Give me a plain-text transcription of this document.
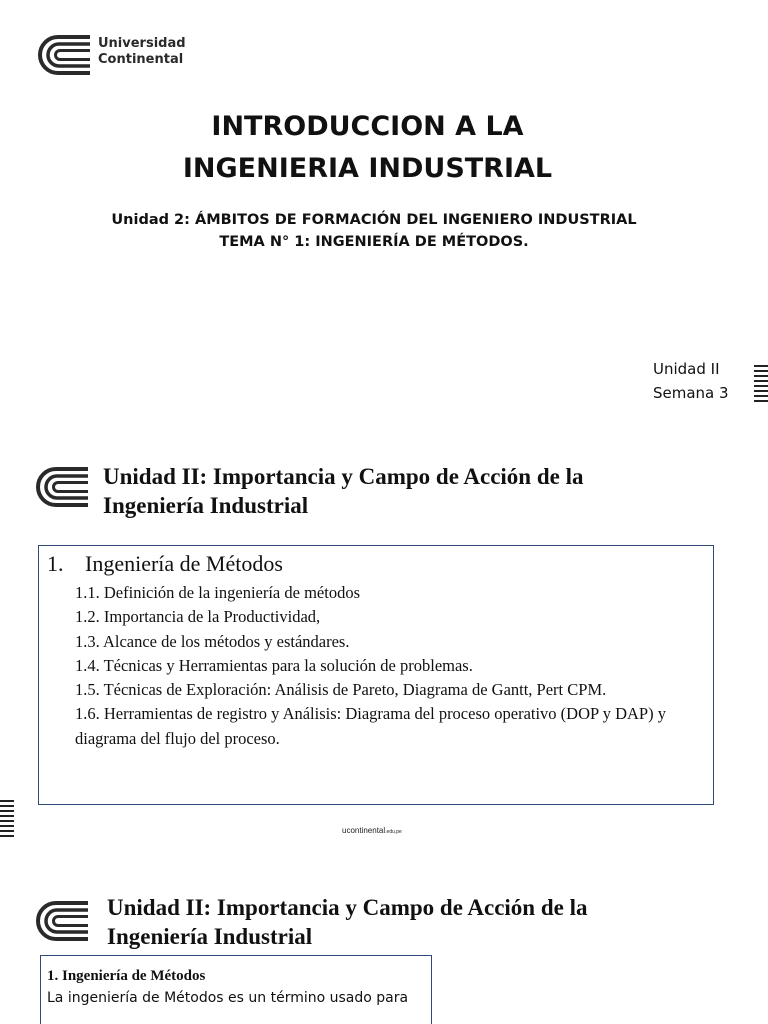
Universidad
Continental
INTRODUCCION A LA
INGENIERIA INDUSTRIAL
Unidad 2: ÁMBITOS DE FORMACIÓN DEL INGENIERO INDUSTRIAL
TEMA N° 1: INGENIERÍA DE MÉTODOS.
Unidad II
Semana 3
Unidad II: Importancia y Campo de Acción de la
Ingeniería Industrial
1. Ingeniería de Métodos
1.1. Definición de la ingeniería de métodos
1.2. Importancia de la Productividad,
1.3. Alcance de los métodos y estándares.
1.4. Técnicas y Herramientas para la solución de problemas.
1.5. Técnicas de Exploración: Análisis de Pareto, Diagrama de Gantt, Pert CPM.
1.6. Herramientas de registro y Análisis: Diagrama del proceso operativo (DOP y DAP) y diagrama del flujo del proceso.
ucontinental.edu.pe
Unidad II: Importancia y Campo de Acción de la
Ingeniería Industrial
1. Ingeniería de Métodos
La ingeniería de Métodos es un término usado para
